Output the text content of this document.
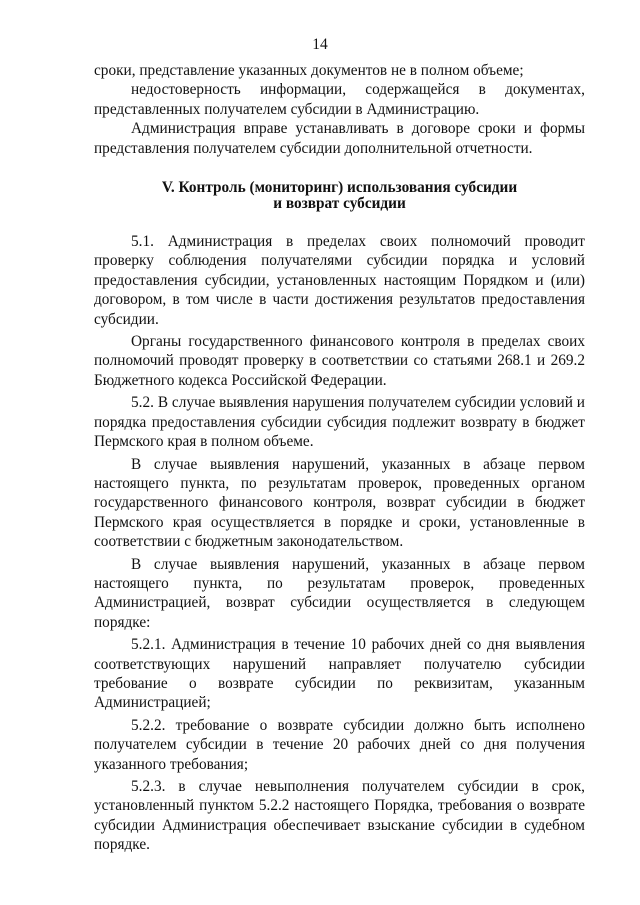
14

сроки, представление указанных документов не в полном объеме;

недостоверность информации, содержащейся в документах, представленных получателем субсидии в Администрацию.

Администрация вправе устанавливать в договоре сроки и формы представления получателем субсидии дополнительной отчетности.

V. Контроль (мониторинг) использования субсидии
и возврат субсидии

5.1. Администрация в пределах своих полномочий проводит проверку соблюдения получателями субсидии порядка и условий предоставления субсидии, установленных настоящим Порядком и (или) договором, в том числе в части достижения результатов предоставления субсидии.

Органы государственного финансового контроля в пределах своих полномочий проводят проверку в соответствии со статьями 268.1 и 269.2 Бюджетного кодекса Российской Федерации.

5.2. В случае выявления нарушения получателем субсидии условий и порядка предоставления субсидии субсидия подлежит возврату в бюджет Пермского края в полном объеме.

В случае выявления нарушений, указанных в абзаце первом настоящего пункта, по результатам проверок, проведенных органом государственного финансового контроля, возврат субсидии в бюджет Пермского края осуществляется в порядке и сроки, установленные в соответствии с бюджетным законодательством.

В случае выявления нарушений, указанных в абзаце первом настоящего пункта, по результатам проверок, проведенных Администрацией, возврат субсидии осуществляется в следующем порядке:

5.2.1. Администрация в течение 10 рабочих дней со дня выявления соответствующих нарушений направляет получателю субсидии требование о возврате субсидии по реквизитам, указанным Администрацией;

5.2.2. требование о возврате субсидии должно быть исполнено получателем субсидии в течение 20 рабочих дней со дня получения указанного требования;

5.2.3. в случае невыполнения получателем субсидии в срок, установленный пунктом 5.2.2 настоящего Порядка, требования о возврате субсидии Администрация обеспечивает взыскание субсидии в судебном порядке.
